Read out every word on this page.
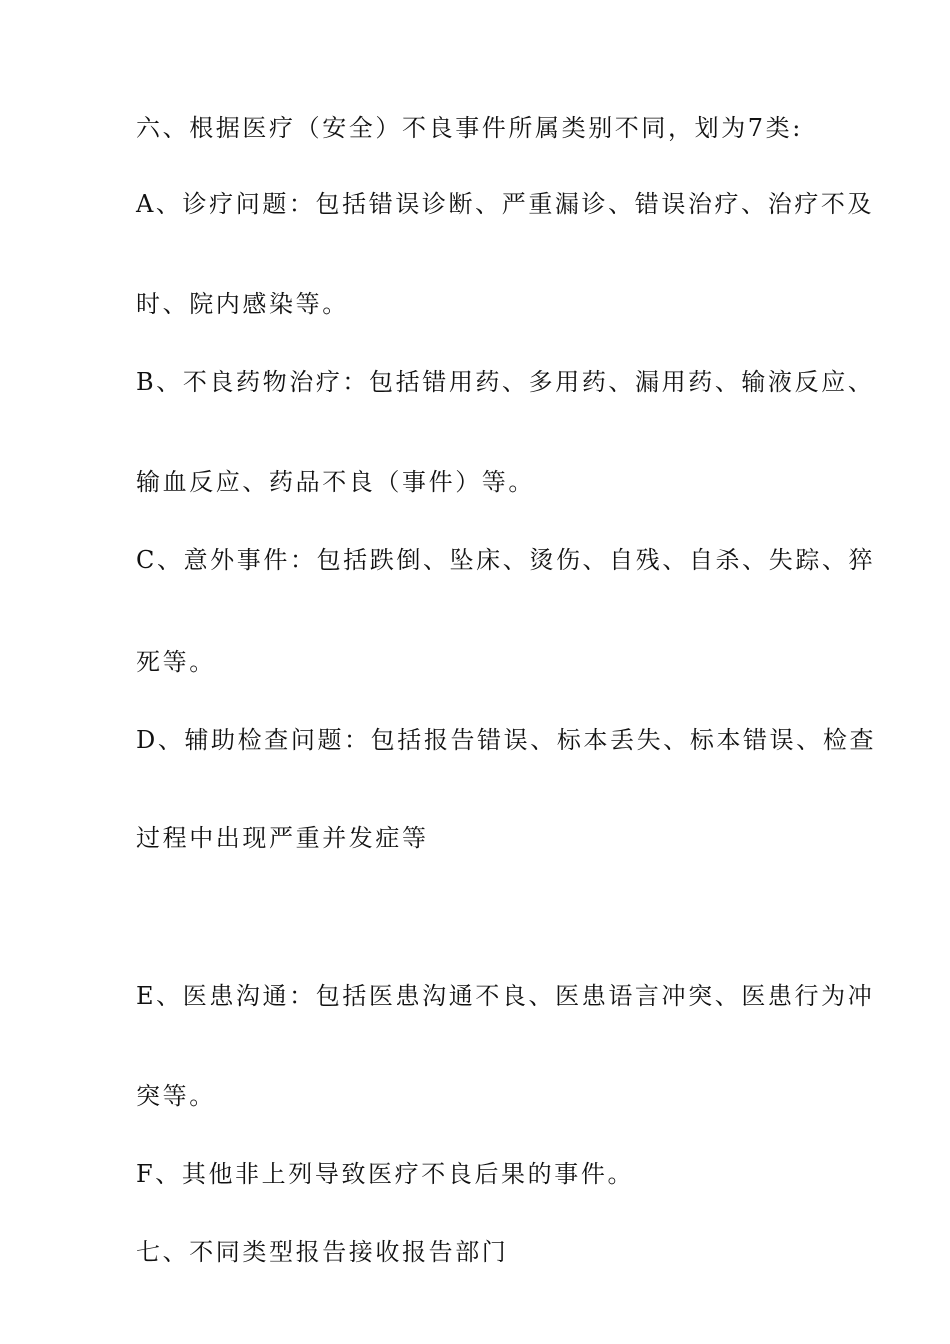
六、根据医疗（安全）不良事件所属类别不同，划为7类:
A、诊疗问题：包括错误诊断、严重漏诊、错误治疗、治疗不及
时、院内感染等。
B、不良药物治疗：包括错用药、多用药、漏用药、输液反应、
输血反应、药品不良（事件）等。
C、意外事件：包括跌倒、坠床、烫伤、自残、自杀、失踪、猝
死等。
D、辅助检查问题：包括报告错误、标本丢失、标本错误、检查
过程中出现严重并发症等
E、医患沟通：包括医患沟通不良、医患语言冲突、医患行为冲
突等。
F、其他非上列导致医疗不良后果的事件。
七、不同类型报告接收报告部门
